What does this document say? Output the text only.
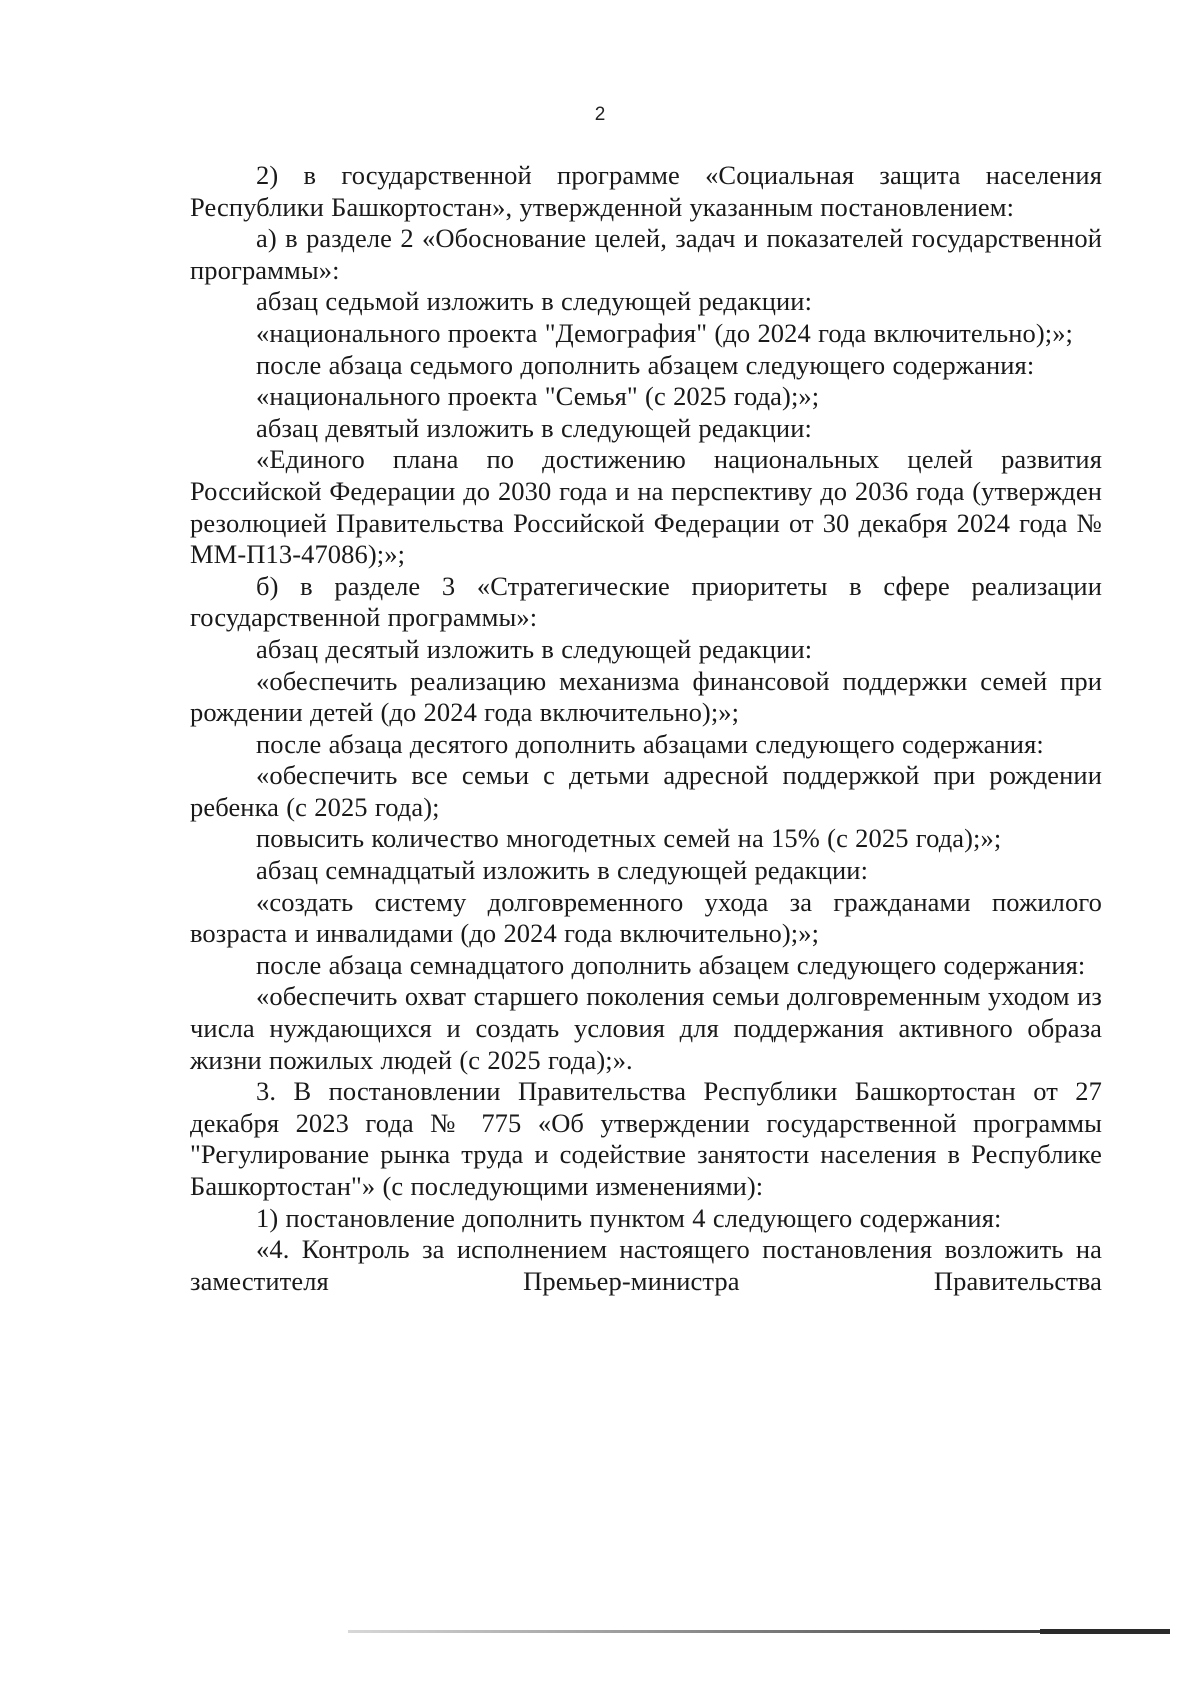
2

2) в государственной программе «Социальная защита населения Республики Башкортостан», утвержденной указанным постановлением:

а) в разделе 2 «Обоснование целей, задач и показателей государственной программы»:

абзац седьмой изложить в следующей редакции:

«национального проекта "Демография" (до 2024 года включительно);»;

после абзаца седьмого дополнить абзацем следующего содержания:

«национального проекта "Семья" (с 2025 года);»;

абзац девятый изложить в следующей редакции:

«Единого плана по достижению национальных целей развития Российской Федерации до 2030 года и на перспективу до 2036 года (утвержден резолюцией Правительства Российской Федерации от 30 декабря 2024 года № ММ-П13-47086);»;

б) в разделе 3 «Стратегические приоритеты в сфере реализации государственной программы»:

абзац десятый изложить в следующей редакции:

«обеспечить реализацию механизма финансовой поддержки семей при рождении детей (до 2024 года включительно);»;

после абзаца десятого дополнить абзацами следующего содержания:

«обеспечить все семьи с детьми адресной поддержкой при рождении ребенка (с 2025 года);

повысить количество многодетных семей на 15% (с 2025 года);»;

абзац семнадцатый изложить в следующей редакции:

«создать систему долговременного ухода за гражданами пожилого возраста и инвалидами (до 2024 года включительно);»;

после абзаца семнадцатого дополнить абзацем следующего содержания:

«обеспечить охват старшего поколения семьи долговременным уходом из числа нуждающихся и создать условия для поддержания активного образа жизни пожилых людей (с 2025 года);».

3. В постановлении Правительства Республики Башкортостан от 27 декабря 2023 года № 775 «Об утверждении государственной программы "Регулирование рынка труда и содействие занятости населения в Республике Башкортостан"» (с последующими изменениями):

1) постановление дополнить пунктом 4 следующего содержания:

«4. Контроль за исполнением настоящего постановления возложить на заместителя Премьер-министра Правительства
